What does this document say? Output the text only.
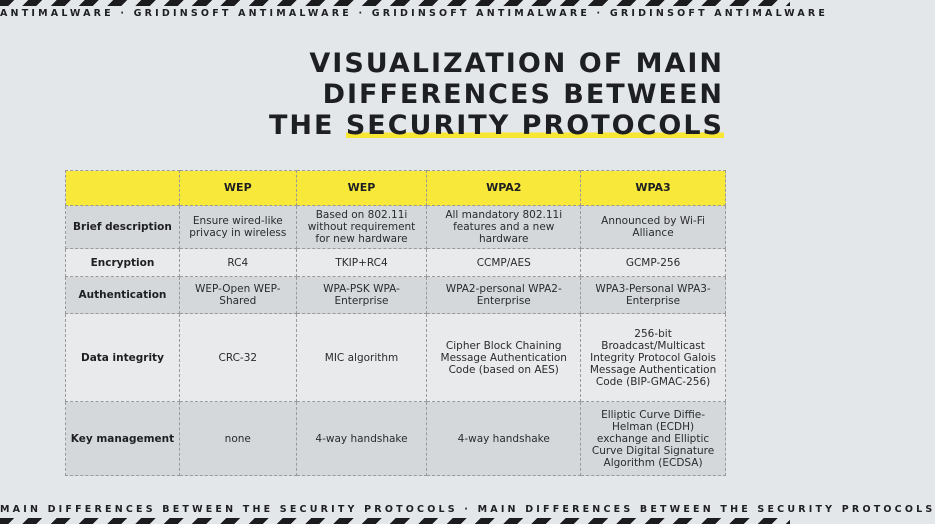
ANTIMALWARE · GRIDINSOFT ANTIMALWARE · GRIDINSOFT ANTIMALWARE · GRIDINSOFT ANTIMALWARE
VISUALIZATION OF MAIN
DIFFERENCES BETWEEN
THE SECURITY PROTOCOLS
	WEP	WEP	WPA2	WPA3
Brief description	Ensure wired-like privacy in wireless	Based on 802.11i without requirement for new hardware	All mandatory 802.11i features and a new hardware	Announced by Wi-Fi Alliance
Encryption	RC4	TKIP+RC4	CCMP/AES	GCMP-256
Authentication	WEP-Open WEP-Shared	WPA-PSK WPA-Enterprise	WPA2-personal WPA2-Enterprise	WPA3-Personal WPA3-Enterprise
Data integrity	CRC-32	MIC algorithm	Cipher Block Chaining Message Authentication Code (based on AES)	256-bit Broadcast/Multicast Integrity Protocol Galois Message Authentication Code (BIP-GMAC-256)
Key management	none	4-way handshake	4-way handshake	Elliptic Curve Diffie-Helman (ECDH) exchange and Elliptic Curve Digital Signature Algorithm (ECDSA)
MAIN DIFFERENCES BETWEEN THE SECURITY PROTOCOLS · MAIN DIFFERENCES BETWEEN THE SECURITY PROTOCOLS
